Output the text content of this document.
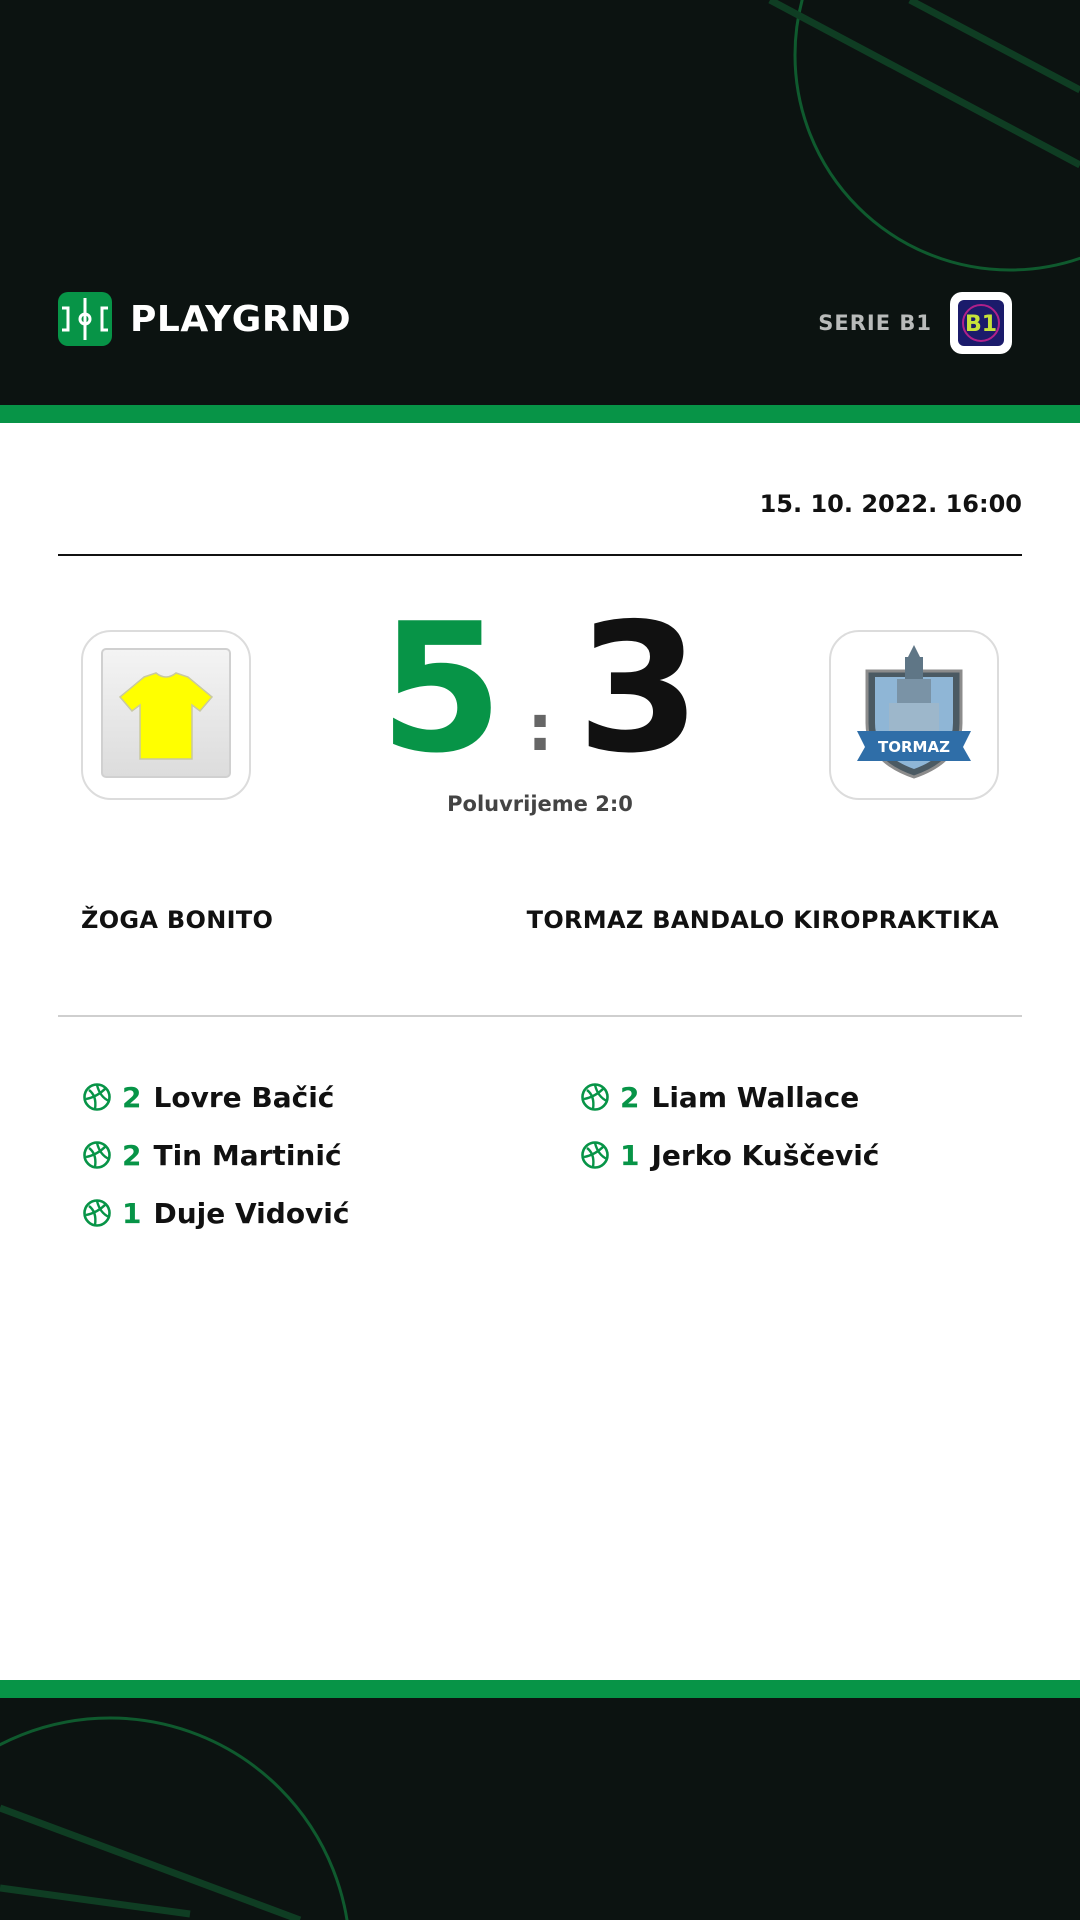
PLAYGRND	SERIE B1 B1
15. 10. 2022. 16:00
5 : 3
Poluvrijeme 2:0
TORMAZ
ŽOGA BONITO	TORMAZ BANDALO KIROPRAKTIKA
2 Lovre Bačić
2 Tin Martinić
1 Duje Vidović
2 Liam Wallace
1 Jerko Kuščević
